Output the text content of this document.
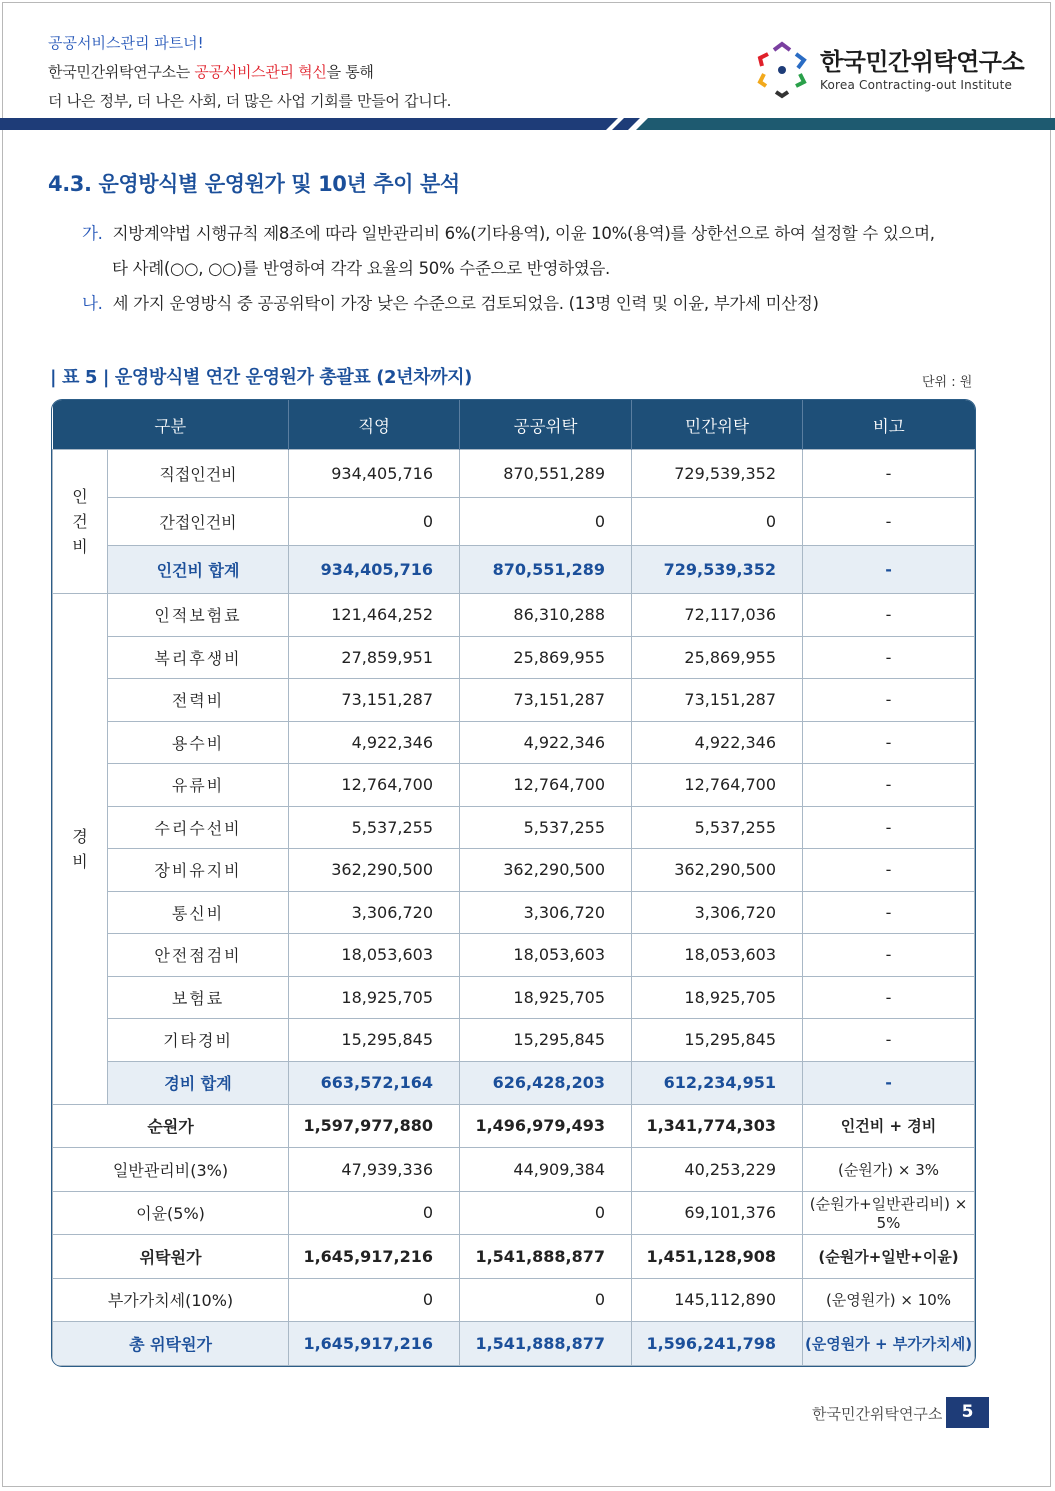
공공서비스관리 파트너!
한국민간위탁연구소는 공공서비스관리 혁신을 통해
더 나은 정부, 더 나은 사회, 더 많은 사업 기회를 만들어 갑니다.
한국민간위탁연구소
Korea Contracting-out Institute
4.3. 운영방식별 운영원가 및 10년 추이 분석
가. 지방계약법 시행규칙 제8조에 따라 일반관리비 6%(기타용역), 이윤 10%(용역)를 상한선으로 하여 설정할 수 있으며,
타 사례(○○, ○○)를 반영하여 각각 요율의 50% 수준으로 반영하였음.
나. 세 가지 운영방식 중 공공위탁이 가장 낮은 수준으로 검토되었음. (13명 인력 및 이윤, 부가세 미산정)
| 표 5 | 운영방식별 연간 운영원가 총괄표 (2년차까지)	단위 : 원
구분		직영	공공위탁	민간위탁	비고

인
건
비	직접인건비	934,405,716	870,551,289	729,539,352	-
	간접인건비	0	0	0	-
	인건비 합계	934,405,716	870,551,289	729,539,352	-

경
비	인적보험료	121,464,252	86,310,288	72,117,036	-
	복리후생비	27,859,951	25,869,955	25,869,955	-
	전력비	73,151,287	73,151,287	73,151,287	-
	용수비	4,922,346	4,922,346	4,922,346	-
	유류비	12,764,700	12,764,700	12,764,700	-
	수리수선비	5,537,255	5,537,255	5,537,255	-
	장비유지비	362,290,500	362,290,500	362,290,500	-
	통신비	3,306,720	3,306,720	3,306,720	-
	안전점검비	18,053,603	18,053,603	18,053,603	-
	보험료	18,925,705	18,925,705	18,925,705	-
	기타경비	15,295,845	15,295,845	15,295,845	-
	경비 합계	663,572,164	626,428,203	612,234,951	-
순원가		1,597,977,880	1,496,979,493	1,341,774,303	인건비 + 경비
일반관리비(3%)		47,939,336	44,909,384	40,253,229	(순원가) × 3%
이윤(5%)		0	0	69,101,376	(순원가+일반관리비) × 5%
위탁원가		1,645,917,216	1,541,888,877	1,451,128,908	(순원가+일반+이윤)
부가가치세(10%)		0	0	145,112,890	(운영원가) × 10%
총 위탁원가		1,645,917,216	1,541,888,877	1,596,241,798	(운영원가 + 부가가치세)
한국민간위탁연구소	5
